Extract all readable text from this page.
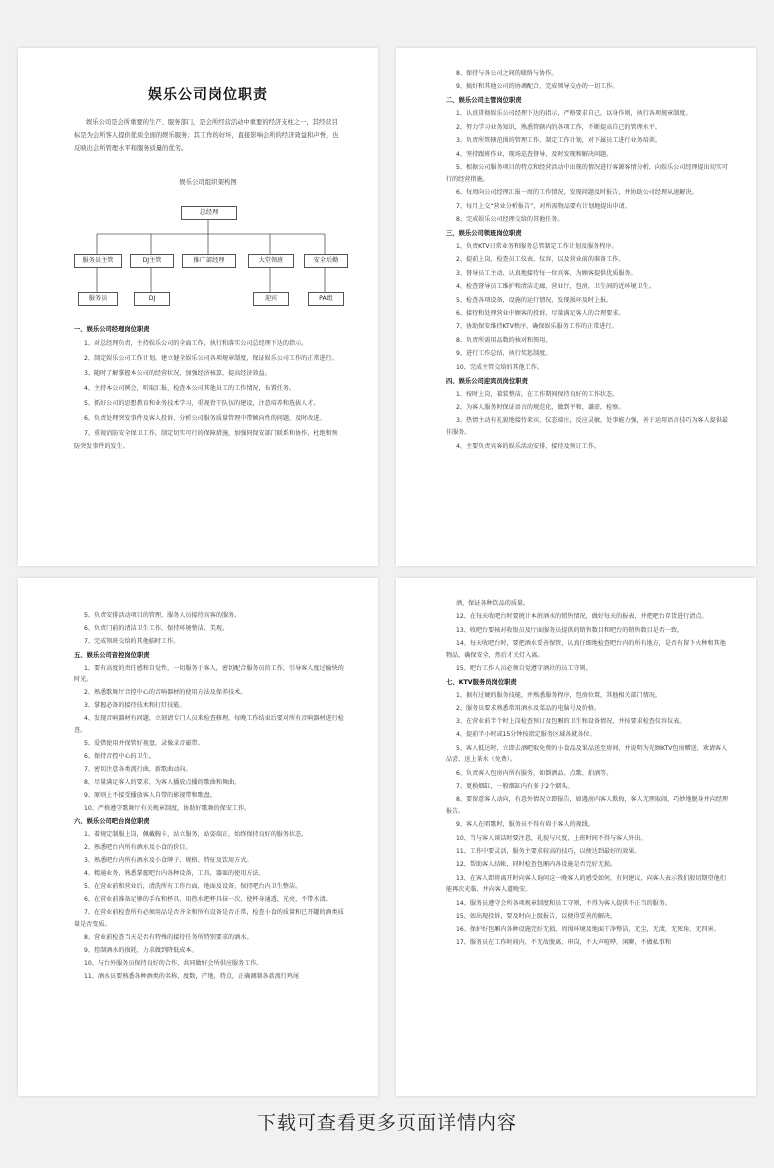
娱乐公司岗位职责

娱乐公司是会所重要的生产、服务部门，是会所经营活动中重要的经济支柱之一，其经营目标是为会所客人提供优质全面的娱乐服务；其工作的好坏，直接影响会所的经济效益和声誉，也反映出会所管理水平和服务质量的优劣。

娱乐公司组织架构图
总经理
服务员主管	DJ主管	推广部经理	大堂领班	安全后勤
服务员	DJ	迎宾	PA组
一、娱乐公司经理岗位职责

1、对总经理负责，主持娱乐公司的全面工作，执行和落实公司总经理下达的指示。

2、制定娱乐公司工作计划，建立健全娱乐公司各项规章制度，保证娱乐公司工作的正常进行。

3、随时了解掌握本公司的经营状况，加强经济核算，提高经济效益。

4、主持本公司例会，听取汇报，检查本公司其他员工的工作情况，布置任务。

5、抓好公司的思想教育和业务技术学习，重视骨干队伍的建设，注意培养和选拔人才。

6、负责处理突发事件及客人投诉，分析公司服务质量管理中带倾向性的问题，及时改进。

7、重视消防安全保卫工作，制定切实可行的保障措施，加强同保安部门联系和协作，杜绝和预防突发事件的发生。

8、保持与各公司之间的联络与协作。

9、搞好和其他公司的协调配合，完成领导交办的一切工作。

二、娱乐公司主管岗位职责

1、认真贯彻娱乐公司经理下达的指示，严格要求自己，以身作则，执行各项规章制度。

2、努力学习业务知识，熟悉管辖内的各项工作，不断提高自己的管理水平。

3、负责所管辖范围的管理工作，制定工作计划，对下属员工进行业务培训。

4、坚持跟班作业，现场巡查督导，及时发现和解决问题。

5、根据公司服务项目的特点和经营活动中出现的情况进行客源客情分析，向娱乐公司经理提出切实可行的经营措施。

6、每周向公司经理汇报一周的工作情况，发现问题及时报告，并协助公司经理从速解决。

7、每月上交“营业分析报告”，对所需物品要有计划地提出申请。

8、完成娱乐公司经理交给的其他任务。

三、娱乐公司领班岗位职责

1、负责KTV日常业务和服务总管制定工作计划及服务程序。

2、提前上岗，检查员工仪表、仪容，以及营业前的准备工作。

3、督导员工主动、认真地接待每一位宾客，为顾客提供优质服务。

4、检查督导员工维护和清洁走廊，营业厅，包房，卫生间的近环境卫生。

5、检查各项设备，设施的运行情况，发现损坏及时上报。

6、接待和处理营业中顾客的投诉，尽量满足客人的合理要求。

7、协助保安维持KTV秩序，确保娱乐服务工作的正常进行。

8、负责所需用品数的核对和领用。

9、进行工作总结，执行奖惩制度。

10、完成主管交给的其他工作。

四、娱乐公司迎宾员岗位职责

1、按时上岗，着装整洁，在工作期间保持良好的工作状态。

2、为客人服务时保证语言的规范化，做到平和、谦虚，检察。

3、热情主动有礼貌地接待来宾，仪态端庄，反应灵敏，处事能力强，善于运用语言技巧为客人提供最佳服务。

4、主要负责宾客的娱乐活动安排，接待及预订工作。

5、负责安排活动项目的管理，服务人员接待宾客的服务。

6、负责门前的清洁卫生工作，保持环境整洁、美观。

7、完成领班交给的其他临时工作。

五、娱乐公司音控岗位职责

1、要有高度的责任感和自觉性，一切服务于客人，密切配合服务员的工作，引导客人度过愉快的时光。

2、熟悉歌舞厅音控中心的音响器材的使用方法及保养技术。

3、掌握必备的接待技术和打灯技能。

4、发现音响器材有问题，立刻请专门人员来检查修理，每晚工作结束后要对所有音响器材进行检查。

5、爱惜使用并保管好视盘，录像录音磁带。

6、保持音控中心的卫生。

7、密切注意各类流行曲，新歌曲动向。

8、尽量满足客人的要求，为客人播放点播的歌曲和舞曲。

9、原则上不接受播放客人自带的影视带和歌盘。

10、严格遵守歌舞厅有关规章制度，协助好歌舞的保安工作。

六、娱乐公司吧台岗位职责

1、着规定制服上岗，佩戴胸卡，站立服务，站姿端正，始终保持良好的服务状态。

2、熟悉吧台内所有酒水及小食的价目。

3、熟悉吧台内所有酒水及小食牌子、规格、特征及饮用方式。

4、精通业务，熟悉掌握吧台内各种设备，工具，器皿的使用方法。

5、在营业前和营业后，清洗所有工作台面，地面及设备，保持吧台内卫生整洁。

6、在营业前准备足够的手布和杯具，用热水把杯具抹一次，使杯身通透，光亮，不带水渍。

7、在营业前检查所有必须用品是否齐全和所有设备是否正常，检查小食的质量和已开罐的酒类质量是否变质。

8、营业前检查当天是否有特殊的接待任务所特别要求的酒水。

9、控制酒水的损耗，力求做到降低成本。

10、与台外服务员保持良好的合作，共同做好会所供应服务工作。

11、酒水员要熟悉各种酒类的名称，度数，产地，特点，正确调制各款流行鸡尾

酒，保证各种饮品的质量。

12、在每天收吧台时要统计本班酒水的销售情况，做好每天的报表，并把吧台存货进行清点。

13、收吧台要核对收银员及厅面服务员提供的销售数目和吧台的销售数目是否一致。

14、每天收吧台时，要把酒水妥善保管，认真仔细地检查吧台内的所有地方，是否有留下火种和其他物品，确保安全，然后才关灯入离。

15、吧台工作人员必须自觉遵守酒社的员工守则。

七、KTV服务员岗位职责

1、据有过硬的服务技能，并熟悉服务程序，包房位置，其他相关部门情况。

2、服务员要求熟悉常用酒水及菜品的电脑号及价格。

3、在营业前半个时上岗检查预订及包厢的卫生和设备情况，并按要求检查仪容仪表。

4、提前半小时或15分钟按指定服务区域各就各位。

5、客人抵达时，立即去酒吧取免费的小食品及果品送至房间，并说明为光顾KTV包房赠送，欢请客人品尝，送上茶水（免费）。

6、负责客人包房内所有服务，如倒洒品、点歌、拍酒等。

7、更换烟缸，一般烟缸内有多于2个烟头。

8、要留意客人动向，有意外情况立即报告，如遇房内客人欺侮，客人无理取闹，巧妙地脱身并向经理报告。

9、客人在唱歌时，服务员不得有碍于客人的视线。

10、当与客人谈话时要注意，礼貌与尺度，上班时间不得与客人外出。

11、工作中要灵活，服务主要求较高的技巧，以便达到最好的效果。

12、帮助客人结帐，同时检查包厢内各设施是否完好无损。

13、在客人即将离开时向客人询问这一晚客人的感受如何，有何建议，向客人表示我们殷切期望他们能再次光临，并向客人道晚安。

14、服务员遵守会所各项规章制度和员工守则，不得为客人提供不正当的服务。

15、如出现投诉，要及时向上级报告，以便得妥善的解决。

16、保护好包厢内各种设施完好无损，周围环境及地面干净整洁，无尘，无渍，无死角，无四害。

17、服务员在工作时间内，不无故脱离，串岗，不大声喧哗，闲聊，不做私事和

下载可查看更多页面详情内容
